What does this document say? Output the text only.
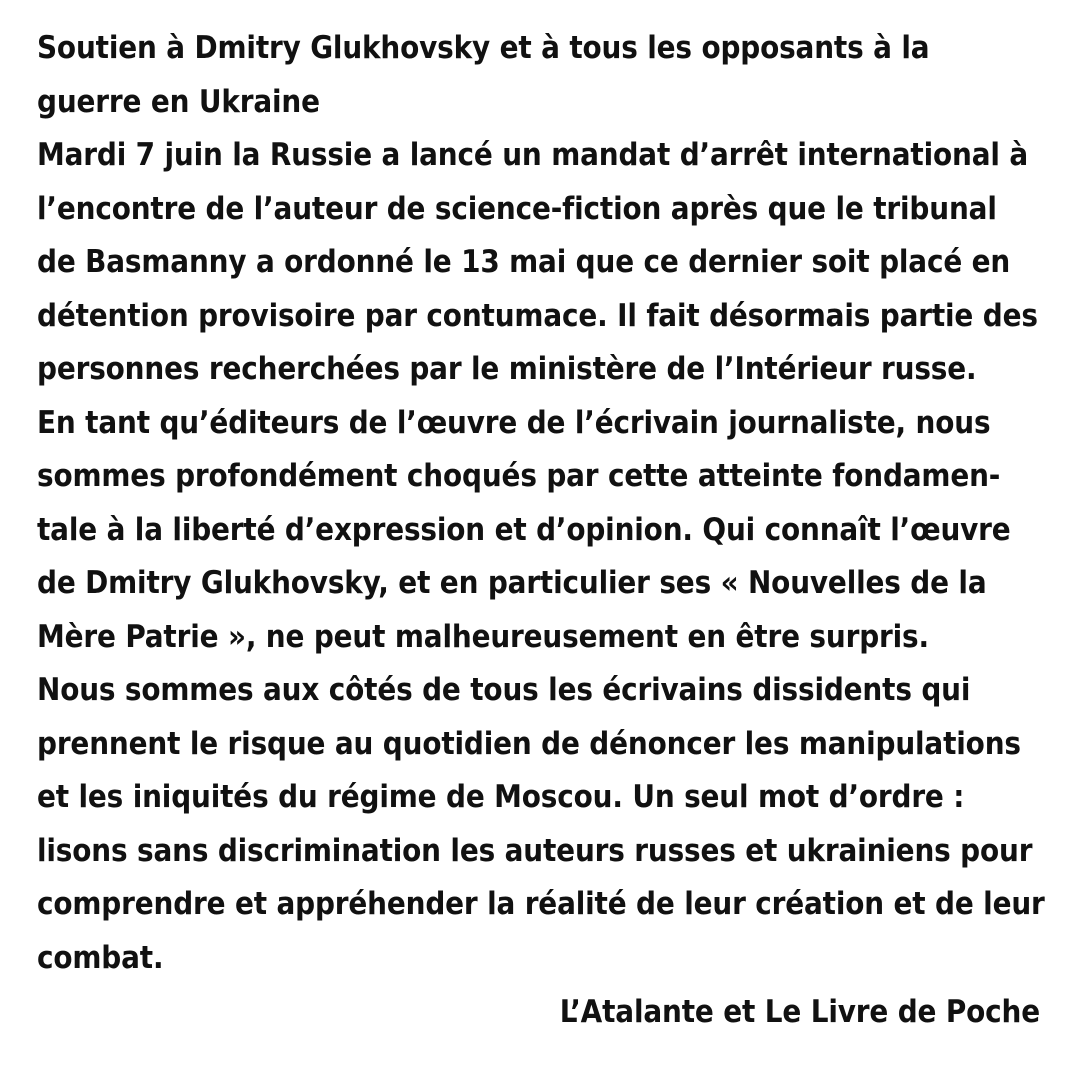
Soutien à Dmitry Glukhovsky et à tous les opposants à la
guerre en Ukraine
Mardi 7 juin la Russie a lancé un mandat d’arrêt international à
l’encontre de l’auteur de science-fiction après que le tribunal
de Basmanny a ordonné le 13 mai que ce dernier soit placé en
détention provisoire par contumace. Il fait désormais partie des
personnes recherchées par le ministère de l’Intérieur russe.
En tant qu’éditeurs de l’œuvre de l’écrivain journaliste, nous
sommes profondément choqués par cette atteinte fondamen-
tale à la liberté d’expression et d’opinion. Qui connaît l’œuvre
de Dmitry Glukhovsky, et en particulier ses « Nouvelles de la
Mère Patrie », ne peut malheureusement en être surpris.
Nous sommes aux côtés de tous les écrivains dissidents qui
prennent le risque au quotidien de dénoncer les manipulations
et les iniquités du régime de Moscou. Un seul mot d’ordre :
lisons sans discrimination les auteurs russes et ukrainiens pour
comprendre et appréhender la réalité de leur création et de leur
combat.
L’Atalante et Le Livre de Poche
